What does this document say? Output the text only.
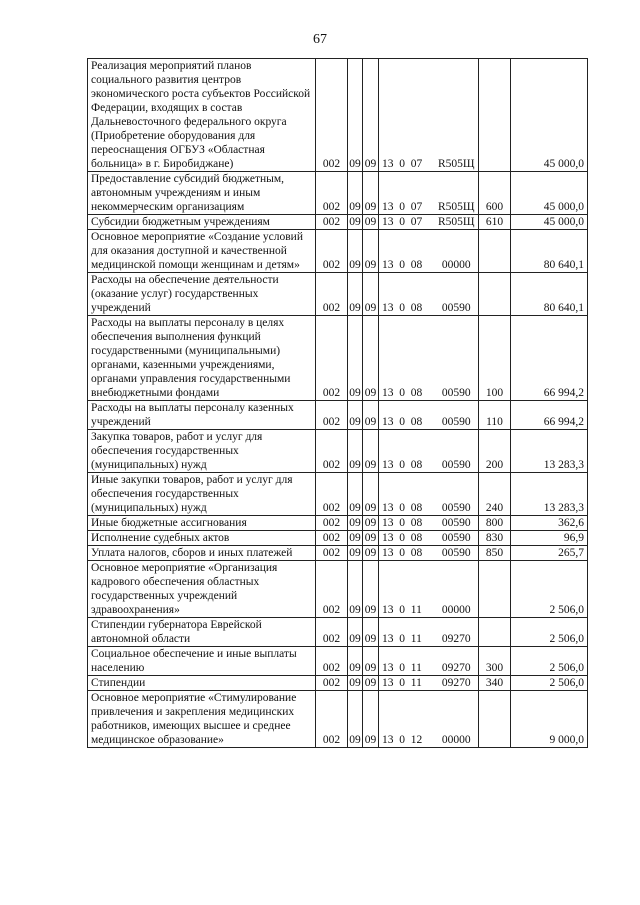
67
Реализация мероприятий планов социального развития центров экономического роста субъектов Российской Федерации, входящих в состав Дальневосточного федерального округа (Приобретение оборудования для переоснащения ОГБУЗ «Областная больница» в г. Биробиджане)	002	09	09	13  0  07	R505Щ		45 000,0
Предоставление субсидий бюджетным, автономным учреждениям и иным некоммерческим организациям	002	09	09	13  0  07	R505Щ	600	45 000,0
Субсидии бюджетным учреждениям	002	09	09	13  0  07	R505Щ	610	45 000,0
Основное мероприятие «Создание условий для оказания доступной и качественной медицинской помощи женщинам и детям»	002	09	09	13  0  08	00000		80 640,1
Расходы на обеспечение деятельности (оказание услуг) государственных учреждений	002	09	09	13  0  08	00590		80 640,1
Расходы на выплаты персоналу в целях обеспечения выполнения функций государственными (муниципальными) органами, казенными учреждениями, органами управления государственными внебюджетными фондами	002	09	09	13  0  08	00590	100	66 994,2
Расходы на выплаты персоналу казенных учреждений	002	09	09	13  0  08	00590	110	66 994,2
Закупка товаров, работ и услуг для обеспечения государственных (муниципальных) нужд	002	09	09	13  0  08	00590	200	13 283,3
Иные закупки товаров, работ и услуг для обеспечения государственных (муниципальных) нужд	002	09	09	13  0  08	00590	240	13 283,3
Иные бюджетные ассигнования	002	09	09	13  0  08	00590	800	362,6
Исполнение судебных актов	002	09	09	13  0  08	00590	830	96,9
Уплата налогов, сборов и иных платежей	002	09	09	13  0  08	00590	850	265,7
Основное мероприятие «Организация кадрового обеспечения областных государственных учреждений здравоохранения»	002	09	09	13  0  11	00000		2 506,0
Стипендии губернатора Еврейской автономной области	002	09	09	13  0  11	09270		2 506,0
Социальное обеспечение и иные выплаты населению	002	09	09	13  0  11	09270	300	2 506,0
Стипендии	002	09	09	13  0  11	09270	340	2 506,0
Основное мероприятие «Стимулирование привлечения и закрепления медицинских работников, имеющих высшее и среднее медицинское образование»	002	09	09	13  0  12	00000		9 000,0
